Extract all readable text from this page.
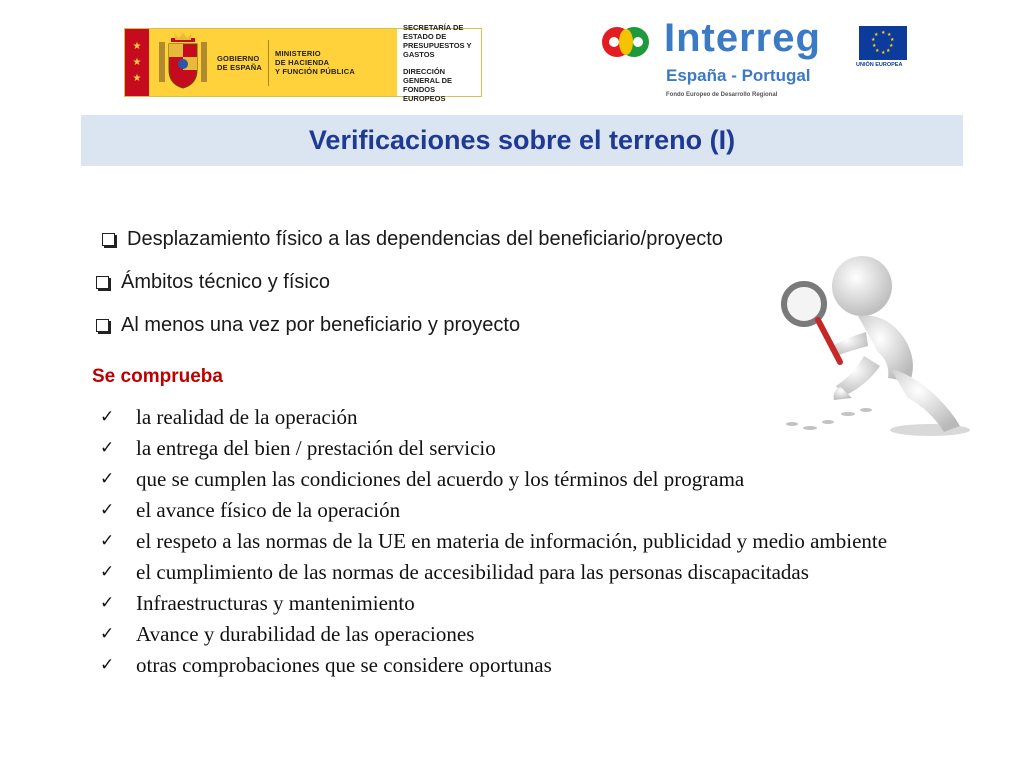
★
★
★
GOBIERNO
DE ESPAÑA
MINISTERIO
DE HACIENDA
Y FUNCIÓN PÚBLICA
SECRETARÍA DE ESTADO DE
PRESUPUESTOS Y GASTOS
DIRECCIÓN GENERAL DE
FONDOS EUROPEOS
Interreg
España - Portugal
Fondo Europeo de Desarrollo Regional
★ ★
★
★
★
★
★
★
★
★
UNIÓN EUROPEA
Verificaciones sobre el terreno (I)
Desplazamiento físico a las dependencias del beneficiario/proyecto
Ámbitos técnico y físico
Al menos una vez por beneficiario y proyecto
Se comprueba
✓	la realidad de la operación
✓	la entrega del bien / prestación del servicio
✓	que se cumplen las condiciones del acuerdo y los términos del programa
✓	el avance físico de la operación
✓	el respeto a las normas de la UE en materia de información, publicidad y medio ambiente
✓	el cumplimiento de las normas de accesibilidad para las personas discapacitadas
✓	Infraestructuras y mantenimiento
✓	Avance y durabilidad de las operaciones
✓	otras comprobaciones que se considere oportunas
